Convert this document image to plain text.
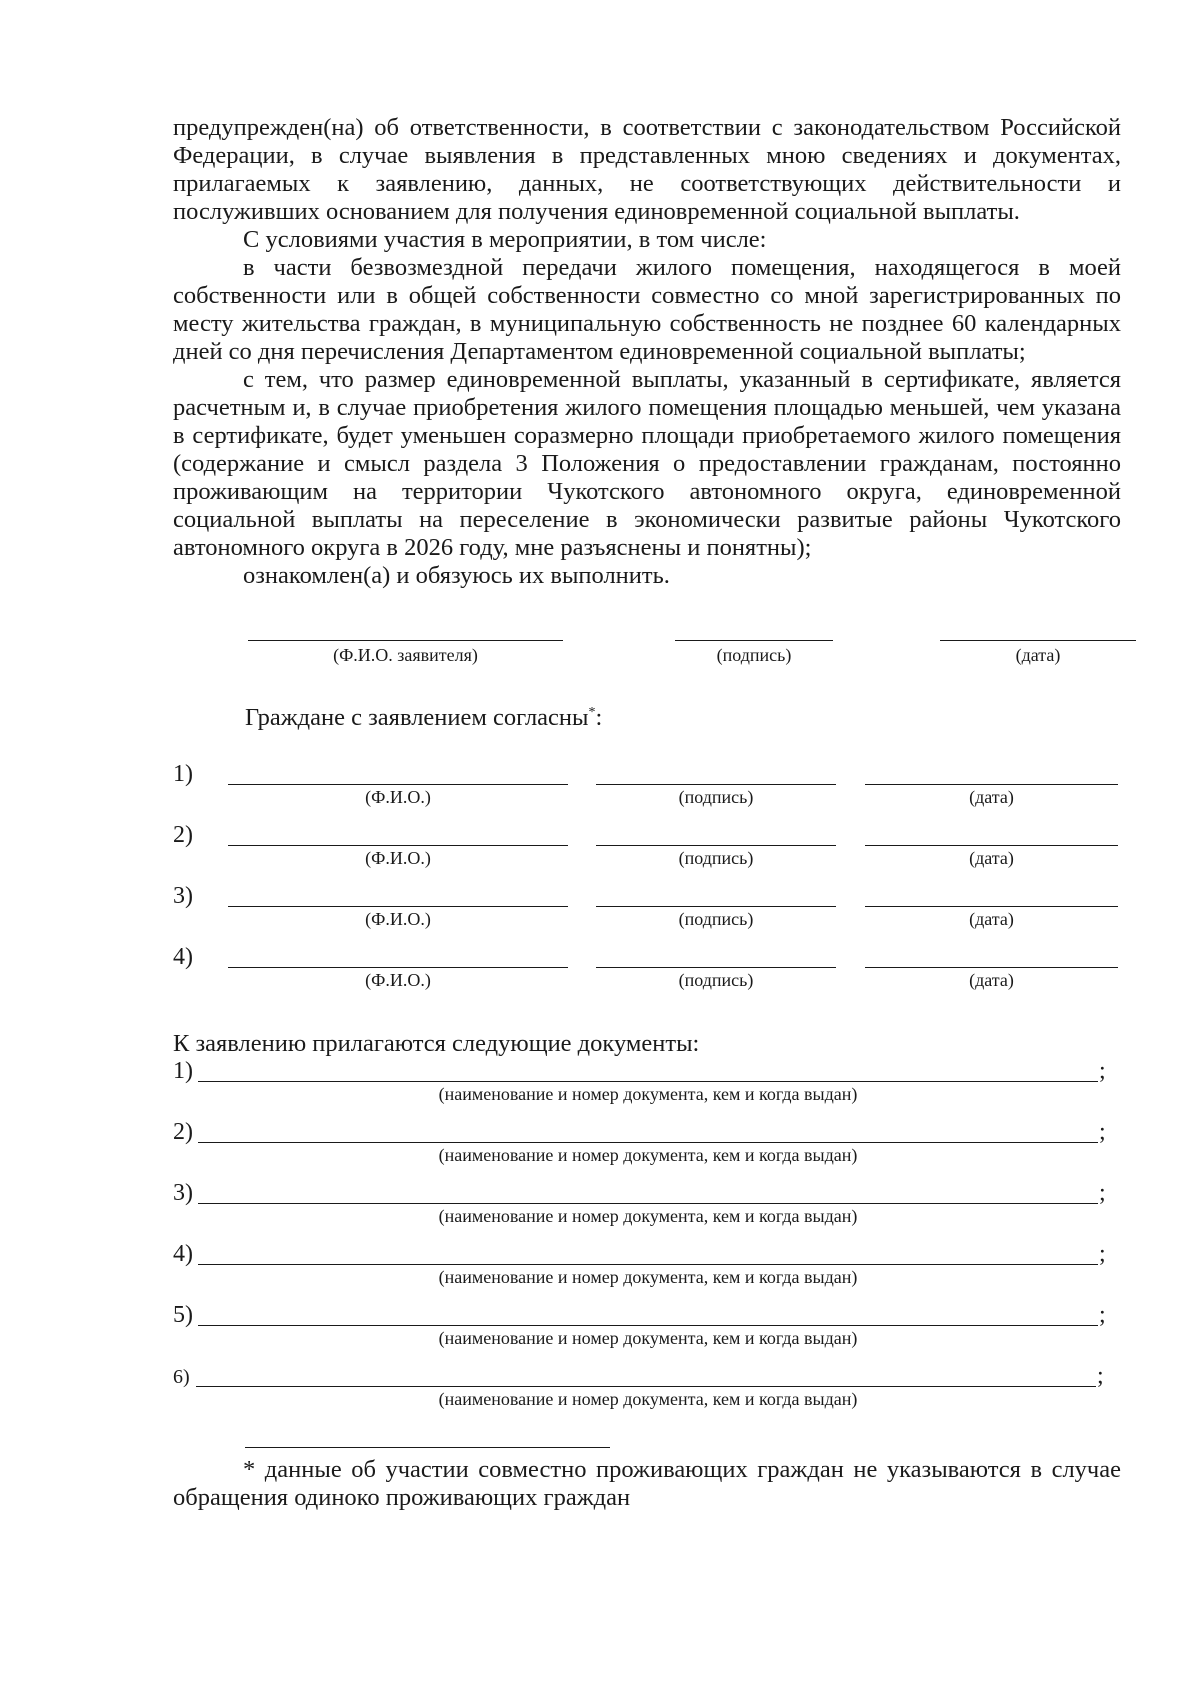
предупрежден(на) об ответственности, в соответствии с законодательством Российской Федерации, в случае выявления в представленных мною сведениях и документах, прилагаемых к заявлению, данных, не соответствующих действительности и послуживших основанием для получения единовременной социальной выплаты.

С условиями участия в мероприятии, в том числе:

в части безвозмездной передачи жилого помещения, находящегося в моей собственности или в общей собственности совместно со мной зарегистрированных по месту жительства граждан, в муниципальную собственность не позднее 60 календарных дней со дня перечисления Департаментом единовременной социальной выплаты;

с тем, что размер единовременной выплаты, указанный в сертификате, является расчетным и, в случае приобретения жилого помещения площадью меньшей, чем указана в сертификате, будет уменьшен соразмерно площади приобретаемого жилого помещения (содержание и смысл раздела 3 Положения о предоставлении гражданам, постоянно проживающим на территории Чукотского автономного округа, единовременной социальной выплаты на переселение в экономически развитые районы Чукотского автономного округа в 2026 году, мне разъяснены и понятны);

ознакомлен(а) и обязуюсь их выполнить.

(Ф.И.О. заявителя)	(подпись)	(дата)
Граждане с заявлением согласны*:
1)
(Ф.И.О.)	(подпись)	(дата)
2)
(Ф.И.О.)	(подпись)	(дата)
3)
(Ф.И.О.)	(подпись)	(дата)
4)
(Ф.И.О.)	(подпись)	(дата)
К заявлению прилагаются следующие документы:
1)	;
(наименование и номер документа, кем и когда выдан)
2)	;
(наименование и номер документа, кем и когда выдан)
3)	;
(наименование и номер документа, кем и когда выдан)
4)	;
(наименование и номер документа, кем и когда выдан)
5)	;
(наименование и номер документа, кем и когда выдан)
6)	;
(наименование и номер документа, кем и когда выдан)

* данные об участии совместно проживающих граждан не указываются в случае обращения одиноко проживающих граждан
